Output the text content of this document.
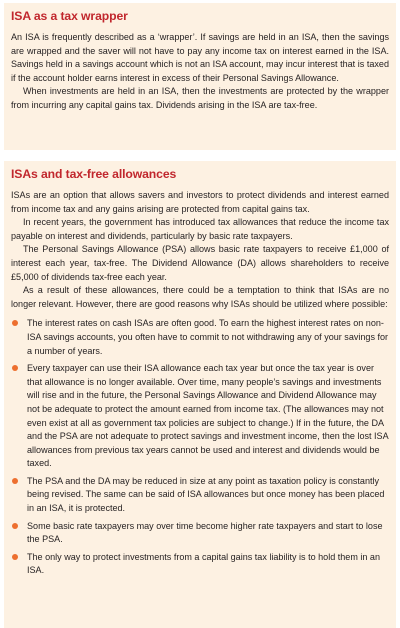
ISA as a tax wrapper

An ISA is frequently described as a ‘wrapper’. If savings are held in an ISA, then the savings are wrapped and the saver will not have to pay any income tax on interest earned in the ISA. Savings held in a savings account which is not an ISA account, may incur interest that is taxed if the account holder earns interest in excess of their Personal Savings Allowance.

When investments are held in an ISA, then the investments are protected by the wrapper from incurring any capital gains tax. Dividends arising in the ISA are tax-free.

ISAs and tax-free allowances

ISAs are an option that allows savers and investors to protect dividends and interest earned from income tax and any gains arising are protected from capital gains tax.

In recent years, the government has introduced tax allowances that reduce the income tax payable on interest and dividends, particularly by basic rate taxpayers.

The Personal Savings Allowance (PSA) allows basic rate taxpayers to receive £1,000 of interest each year, tax-free. The Dividend Allowance (DA) allows shareholders to receive £5,000 of dividends tax-free each year.

As a result of these allowances, there could be a temptation to think that ISAs are no longer relevant. However, there are good reasons why ISAs should be utilized where possible:

The interest rates on cash ISAs are often good. To earn the highest interest rates on non-ISA savings accounts, you often have to commit to not withdrawing any of your savings for a number of years.

Every taxpayer can use their ISA allowance each tax year but once the tax year is over that allowance is no longer available. Over time, many people’s savings and investments will rise and in the future, the Personal Savings Allowance and Dividend Allowance may not be adequate to protect the amount earned from income tax. (The allowances may not even exist at all as government tax policies are subject to change.) If in the future, the DA and the PSA are not adequate to protect savings and investment income, then the lost ISA allowances from previous tax years cannot be used and interest and dividends would be taxed.

The PSA and the DA may be reduced in size at any point as taxation policy is constantly being revised. The same can be said of ISA allowances but once money has been placed in an ISA, it is protected.

Some basic rate taxpayers may over time become higher rate taxpayers and start to lose the PSA.

The only way to protect investments from a capital gains tax liability is to hold them in an ISA.
